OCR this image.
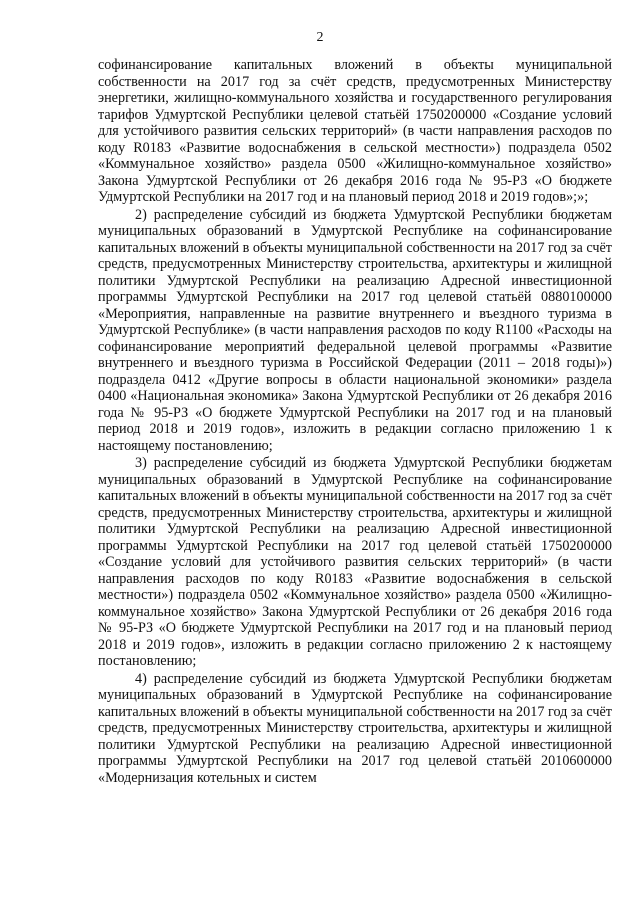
2

софинансирование капитальных вложений в объекты муниципальной собственности на 2017 год за счёт средств, предусмотренных Министерству энергетики, жилищно-коммунального хозяйства и государственного регулирования тарифов Удмуртской Республики целевой статьёй 1750200000 «Создание условий для устойчивого развития сельских территорий» (в части направления расходов по коду R0183 «Развитие водоснабжения в сельской местности») подраздела 0502 «Коммунальное хозяйство» раздела 0500 «Жилищно-коммунальное хозяйство» Закона Удмуртской Республики от 26 декабря 2016 года № 95-РЗ «О бюджете Удмуртской Республики на 2017 год и на плановый период 2018 и 2019 годов»;»;

2) распределение субсидий из бюджета Удмуртской Республики бюджетам муниципальных образований в Удмуртской Республике на софинансирование капитальных вложений в объекты муниципальной собственности на 2017 год за счёт средств, предусмотренных Министерству строительства, архитектуры и жилищной политики Удмуртской Республики на реализацию Адресной инвестиционной программы Удмуртской Республики на 2017 год целевой статьёй 0880100000 «Мероприятия, направленные на развитие внутреннего и въездного туризма в Удмуртской Республике» (в части направления расходов по коду R1100 «Расходы на софинансирование мероприятий федеральной целевой программы «Развитие внутреннего и въездного туризма в Российской Федерации (2011 – 2018 годы)») подраздела 0412 «Другие вопросы в области национальной экономики» раздела 0400 «Национальная экономика» Закона Удмуртской Республики от 26 декабря 2016 года № 95-РЗ «О бюджете Удмуртской Республики на 2017 год и на плановый период 2018 и 2019 годов», изложить в редакции согласно приложению 1 к настоящему постановлению;

3) распределение субсидий из бюджета Удмуртской Республики бюджетам муниципальных образований в Удмуртской Республике на софинансирование капитальных вложений в объекты муниципальной собственности на 2017 год за счёт средств, предусмотренных Министерству строительства, архитектуры и жилищной политики Удмуртской Республики на реализацию Адресной инвестиционной программы Удмуртской Республики на 2017 год целевой статьёй 1750200000 «Создание условий для устойчивого развития сельских территорий» (в части направления расходов по коду R0183 «Развитие водоснабжения в сельской местности») подраздела 0502 «Коммунальное хозяйство» раздела 0500 «Жилищно-коммунальное хозяйство» Закона Удмуртской Республики от 26 декабря 2016 года № 95-РЗ «О бюджете Удмуртской Республики на 2017 год и на плановый период 2018 и 2019 годов», изложить в редакции согласно приложению 2 к настоящему постановлению;

4) распределение субсидий из бюджета Удмуртской Республики бюджетам муниципальных образований в Удмуртской Республике на софинансирование капитальных вложений в объекты муниципальной собственности на 2017 год за счёт средств, предусмотренных Министерству строительства, архитектуры и жилищной политики Удмуртской Республики на реализацию Адресной инвестиционной программы Удмуртской Республики на 2017 год целевой статьёй 2010600000 «Модернизация котельных и систем
